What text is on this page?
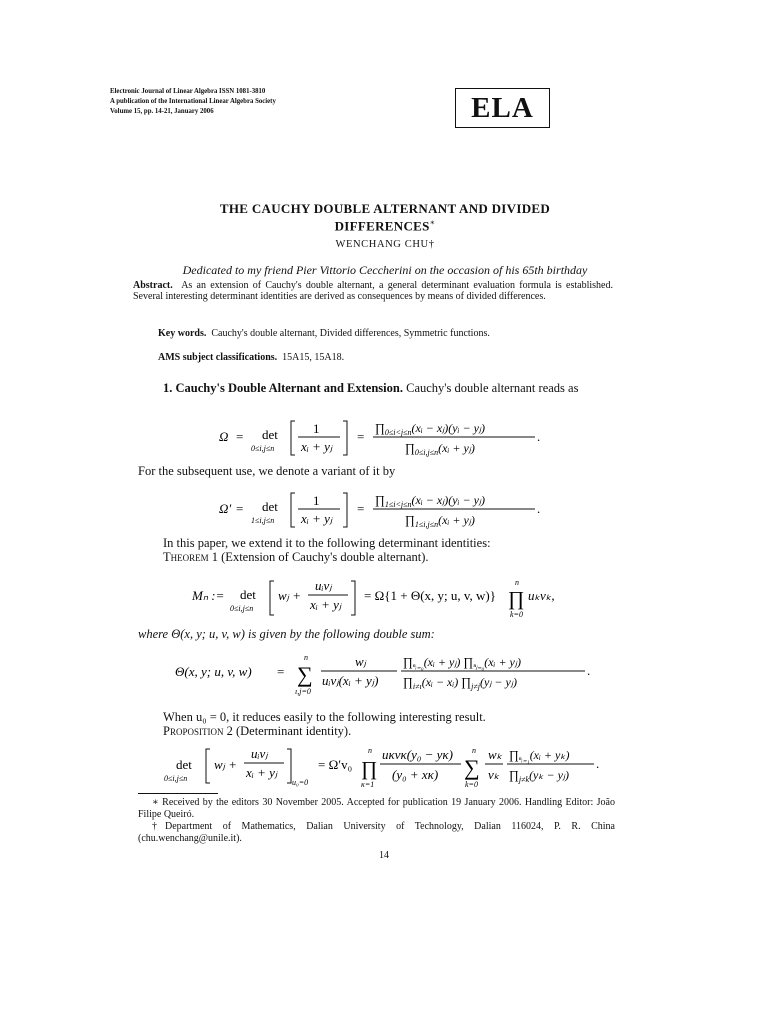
Electronic Journal of Linear Algebra ISSN 1081-3810
A publication of the International Linear Algebra Society
Volume 15, pp. 14-21, January 2006	ELA
THE CAUCHY DOUBLE ALTERNANT AND DIVIDED
DIFFERENCES∗
WENCHANG CHU†
Dedicated to my friend Pier Vittorio Ceccherini on the occasion of his 65th birthday
Abstract. As an extension of Cauchy's double alternant, a general determinant evaluation formula is established. Several interesting determinant identities are derived as consequences by means of divided differences.
Key words. Cauchy's double alternant, Divided differences, Symmetric functions.
AMS subject classifications. 15A15, 15A18.
1. Cauchy's Double Alternant and Extension. Cauchy's double alternant reads as
Ω = det
0≤i,j≤n
1
xᵢ + yⱼ
=
$\prod_{0\le i<j\le n}(xᵢ$ − xⱼ)(yᵢ − yⱼ)
$\prod_{0\le i,j\le n}(xᵢ$ + yⱼ)
.
For the subsequent use, we denote a variant of it by
Ω′ = det
1≤i,j≤n
1
xᵢ + yⱼ
=
$\prod_{1\le i<j\le n}(xᵢ$ − xⱼ)(yᵢ − yⱼ)
$\prod_{1\le i,j\le n}(xᵢ$ + yⱼ)
.
In this paper, we extend it to the following determinant identities:
Theorem 1 (Extension of Cauchy's double alternant).
Mₙ := det
0≤i,j≤n
wⱼ +
uᵢvⱼ
xᵢ + yⱼ
= Ω{1 + Θ(x, y; u, v, w)}
n
∏
k=0
uₖvₖ,
where Θ(x, y; u, v, w) is given by the following double sum:
Θ(x, y; u, v, w) =
n
∑
ı,j=0
wⱼ
uᵢvⱼ(xᵢ + yⱼ)
$\prod_{^nᵢ_{=0}}(xᵢ$ + yⱼ) $\prod_{^nⱼ_{=0}}(xᵢ$ + yⱼ)
$\prod_{i\ne ı}(xᵢ$ − xᵢ) $\prod_{j\ne j}(yⱼ$ − yⱼ)
.
When u₀ = 0, it reduces easily to the following interesting result.
Proposition 2 (Determinant identity).
det
0≤i,j≤n
wⱼ +
uᵢvⱼ
xᵢ + yⱼ
u₀=0
= Ω′v₀
n
∏
κ=1
uκvκ(y₀ − yκ)
(y₀ + xκ)
n
∑
k=0
wₖ
vₖ
$\prod_{^nᵢ_{=1}}(xᵢ + y_k)$
$\prod_{j\ne k}(y_k$ − yⱼ)
.
∗ Received by the editors 30 November 2005. Accepted for publication 19 January 2006. Handling Editor: João Filipe Queiró.
†Department of Mathematics, Dalian University of Technology, Dalian 116024, P. R. China (chu.wenchang@unile.it).
14
